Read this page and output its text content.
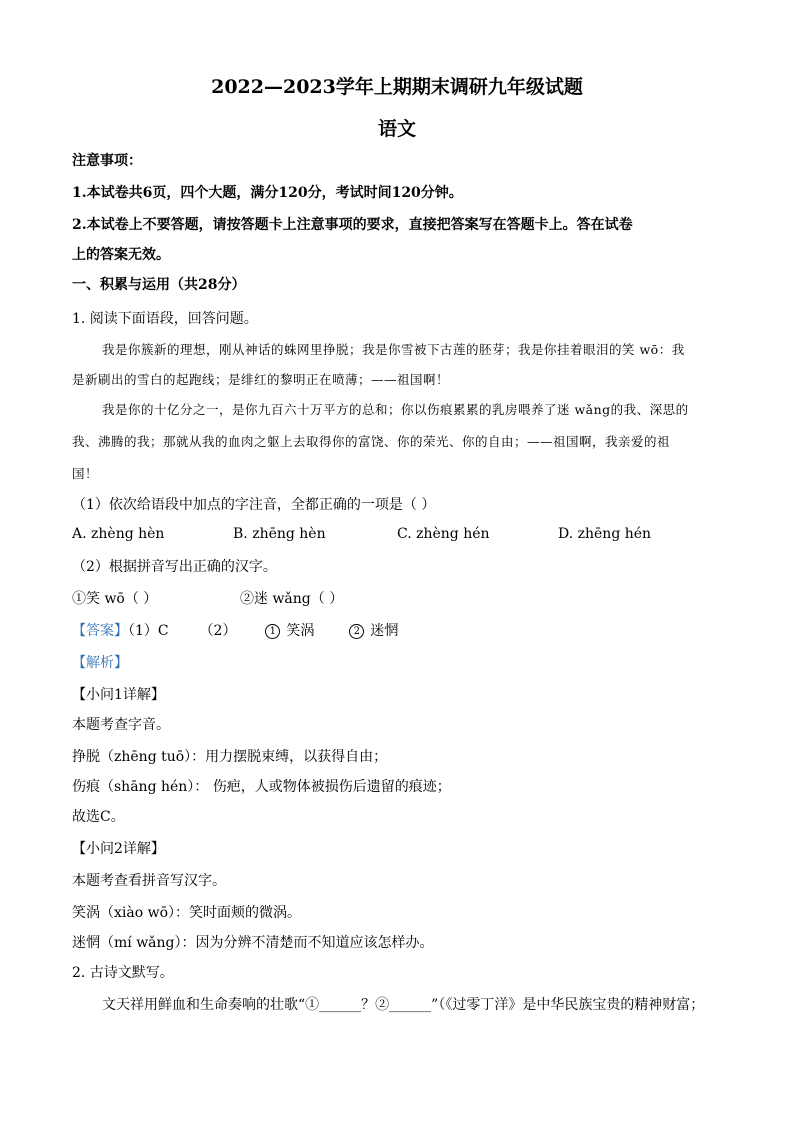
2022—2023学年上期期末调研九年级试题
语文
注意事项：
1.本试卷共6页，四个大题，满分120分，考试时间120分钟。
2.本试卷上不要答题，请按答题卡上注意事项的要求，直接把答案写在答题卡上。答在试卷
上的答案无效。
一、积累与运用（共28分）
1. 阅读下面语段，回答问题。
我是你簇新的理想，刚从神话的蛛网里挣脱；我是你雪被下古莲的胚芽；我是你挂着眼泪的笑 wō：我
是新刷出的雪白的起跑线；是绯红的黎明正在喷薄；——祖国啊！
我是你的十亿分之一，是你九百六十万平方的总和；你以伤痕累累的乳房喂养了迷 wǎng的我、深思的
我、沸腾的我；那就从我的血肉之躯上去取得你的富饶、你的荣光、你的自由；——祖国啊，我亲爱的祖
国！
（1）依次给语段中加点的字注音，全都正确的一项是（ ）
A. zhèng hèn	B. zhēng hèn	C. zhèng hén	D. zhēng hén
（2）根据拼音写出正确的汉字。
①笑 wō（ ）	②迷 wǎng（ ）
【答案】（1）C （2）	1 笑涡	2 迷惘
【解析】
【小问1详解】
本题考查字音。
挣脱（zhēng tuō）：用力摆脱束缚，以获得自由；
伤痕（shāng hén）： 伤疤，人或物体被损伤后遗留的痕迹；
故选C。
【小问2详解】
本题考查看拼音写汉字。
笑涡（xiào wō）：笑时面颊的微涡。
迷惘（mí wǎng）：因为分辨不清楚而不知道应该怎样办。
2. 古诗文默写。
文天祥用鲜血和生命奏响的壮歌“①______？②______”（《过零丁洋》是中华民族宝贵的精神财富；
